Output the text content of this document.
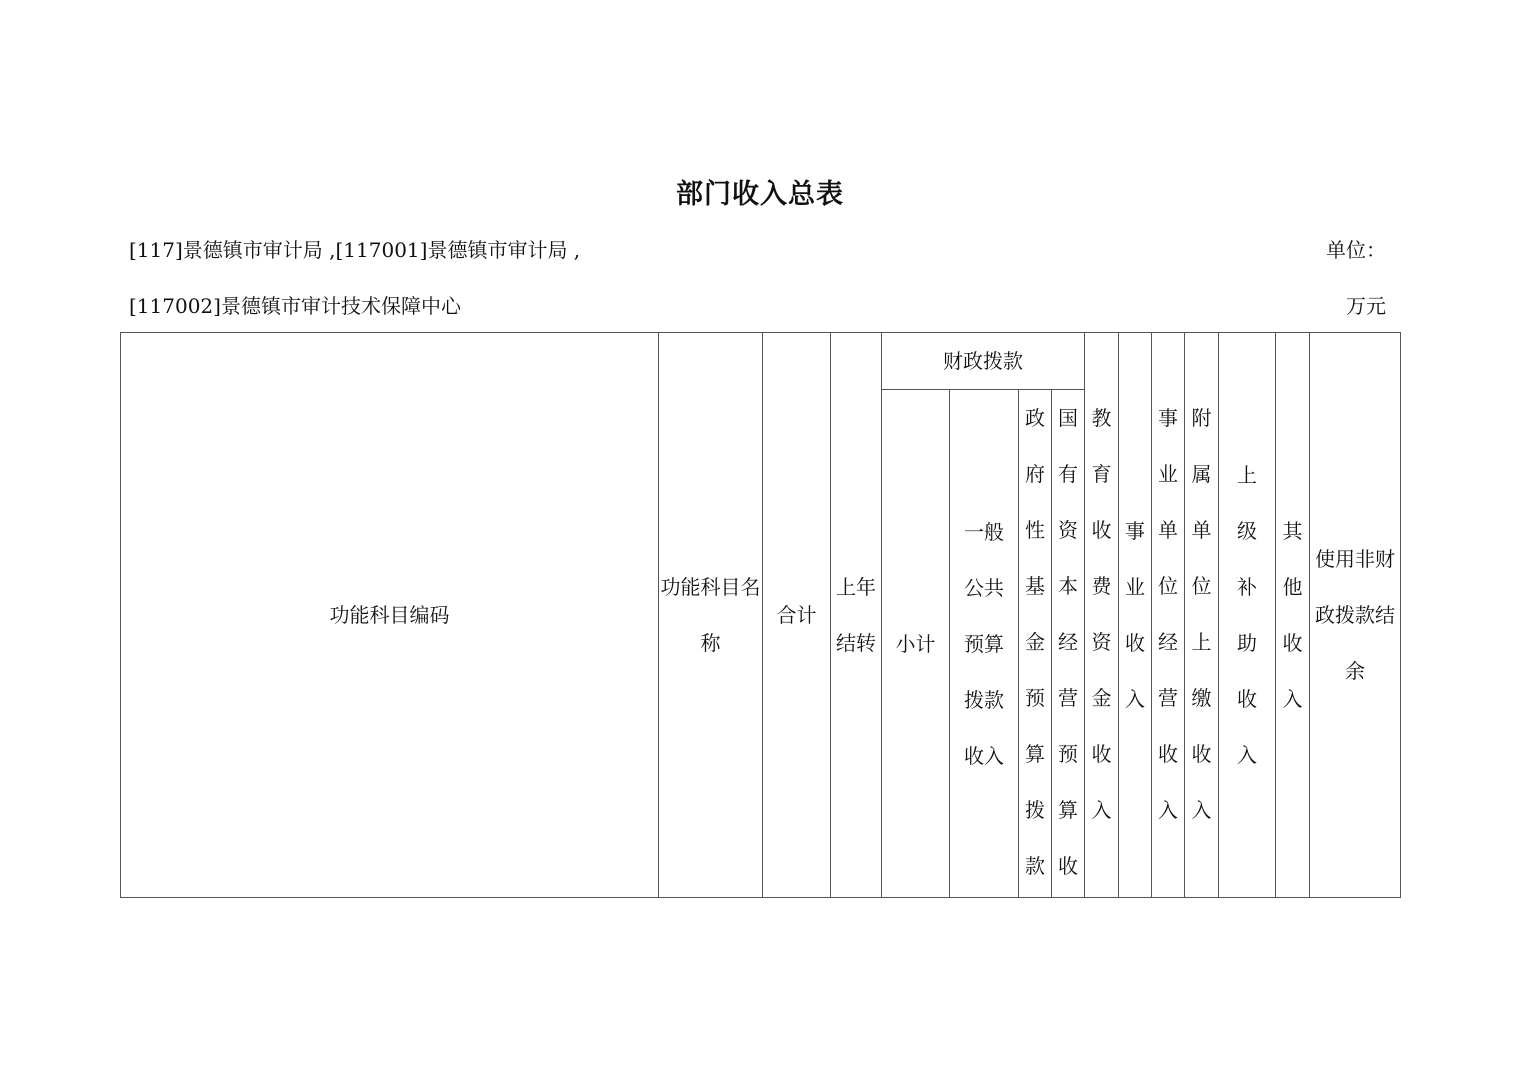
部门收入总表
[117]景德镇市审计局 ,[117001]景德镇市审计局 ,
[117002]景德镇市审计技术保障中心
单位：
万元
功能科目编码	功能科目名称	合计	上年结转	财政拨款				教育收费资金收入	事业收入	事业单位经营收入	附属单位上缴收入	上级补助收入	其他收入	使用非财政拨款结余
				小计	一般公共预算拨款收入	政府性基金预算拨款	国有资本经营预算收							
